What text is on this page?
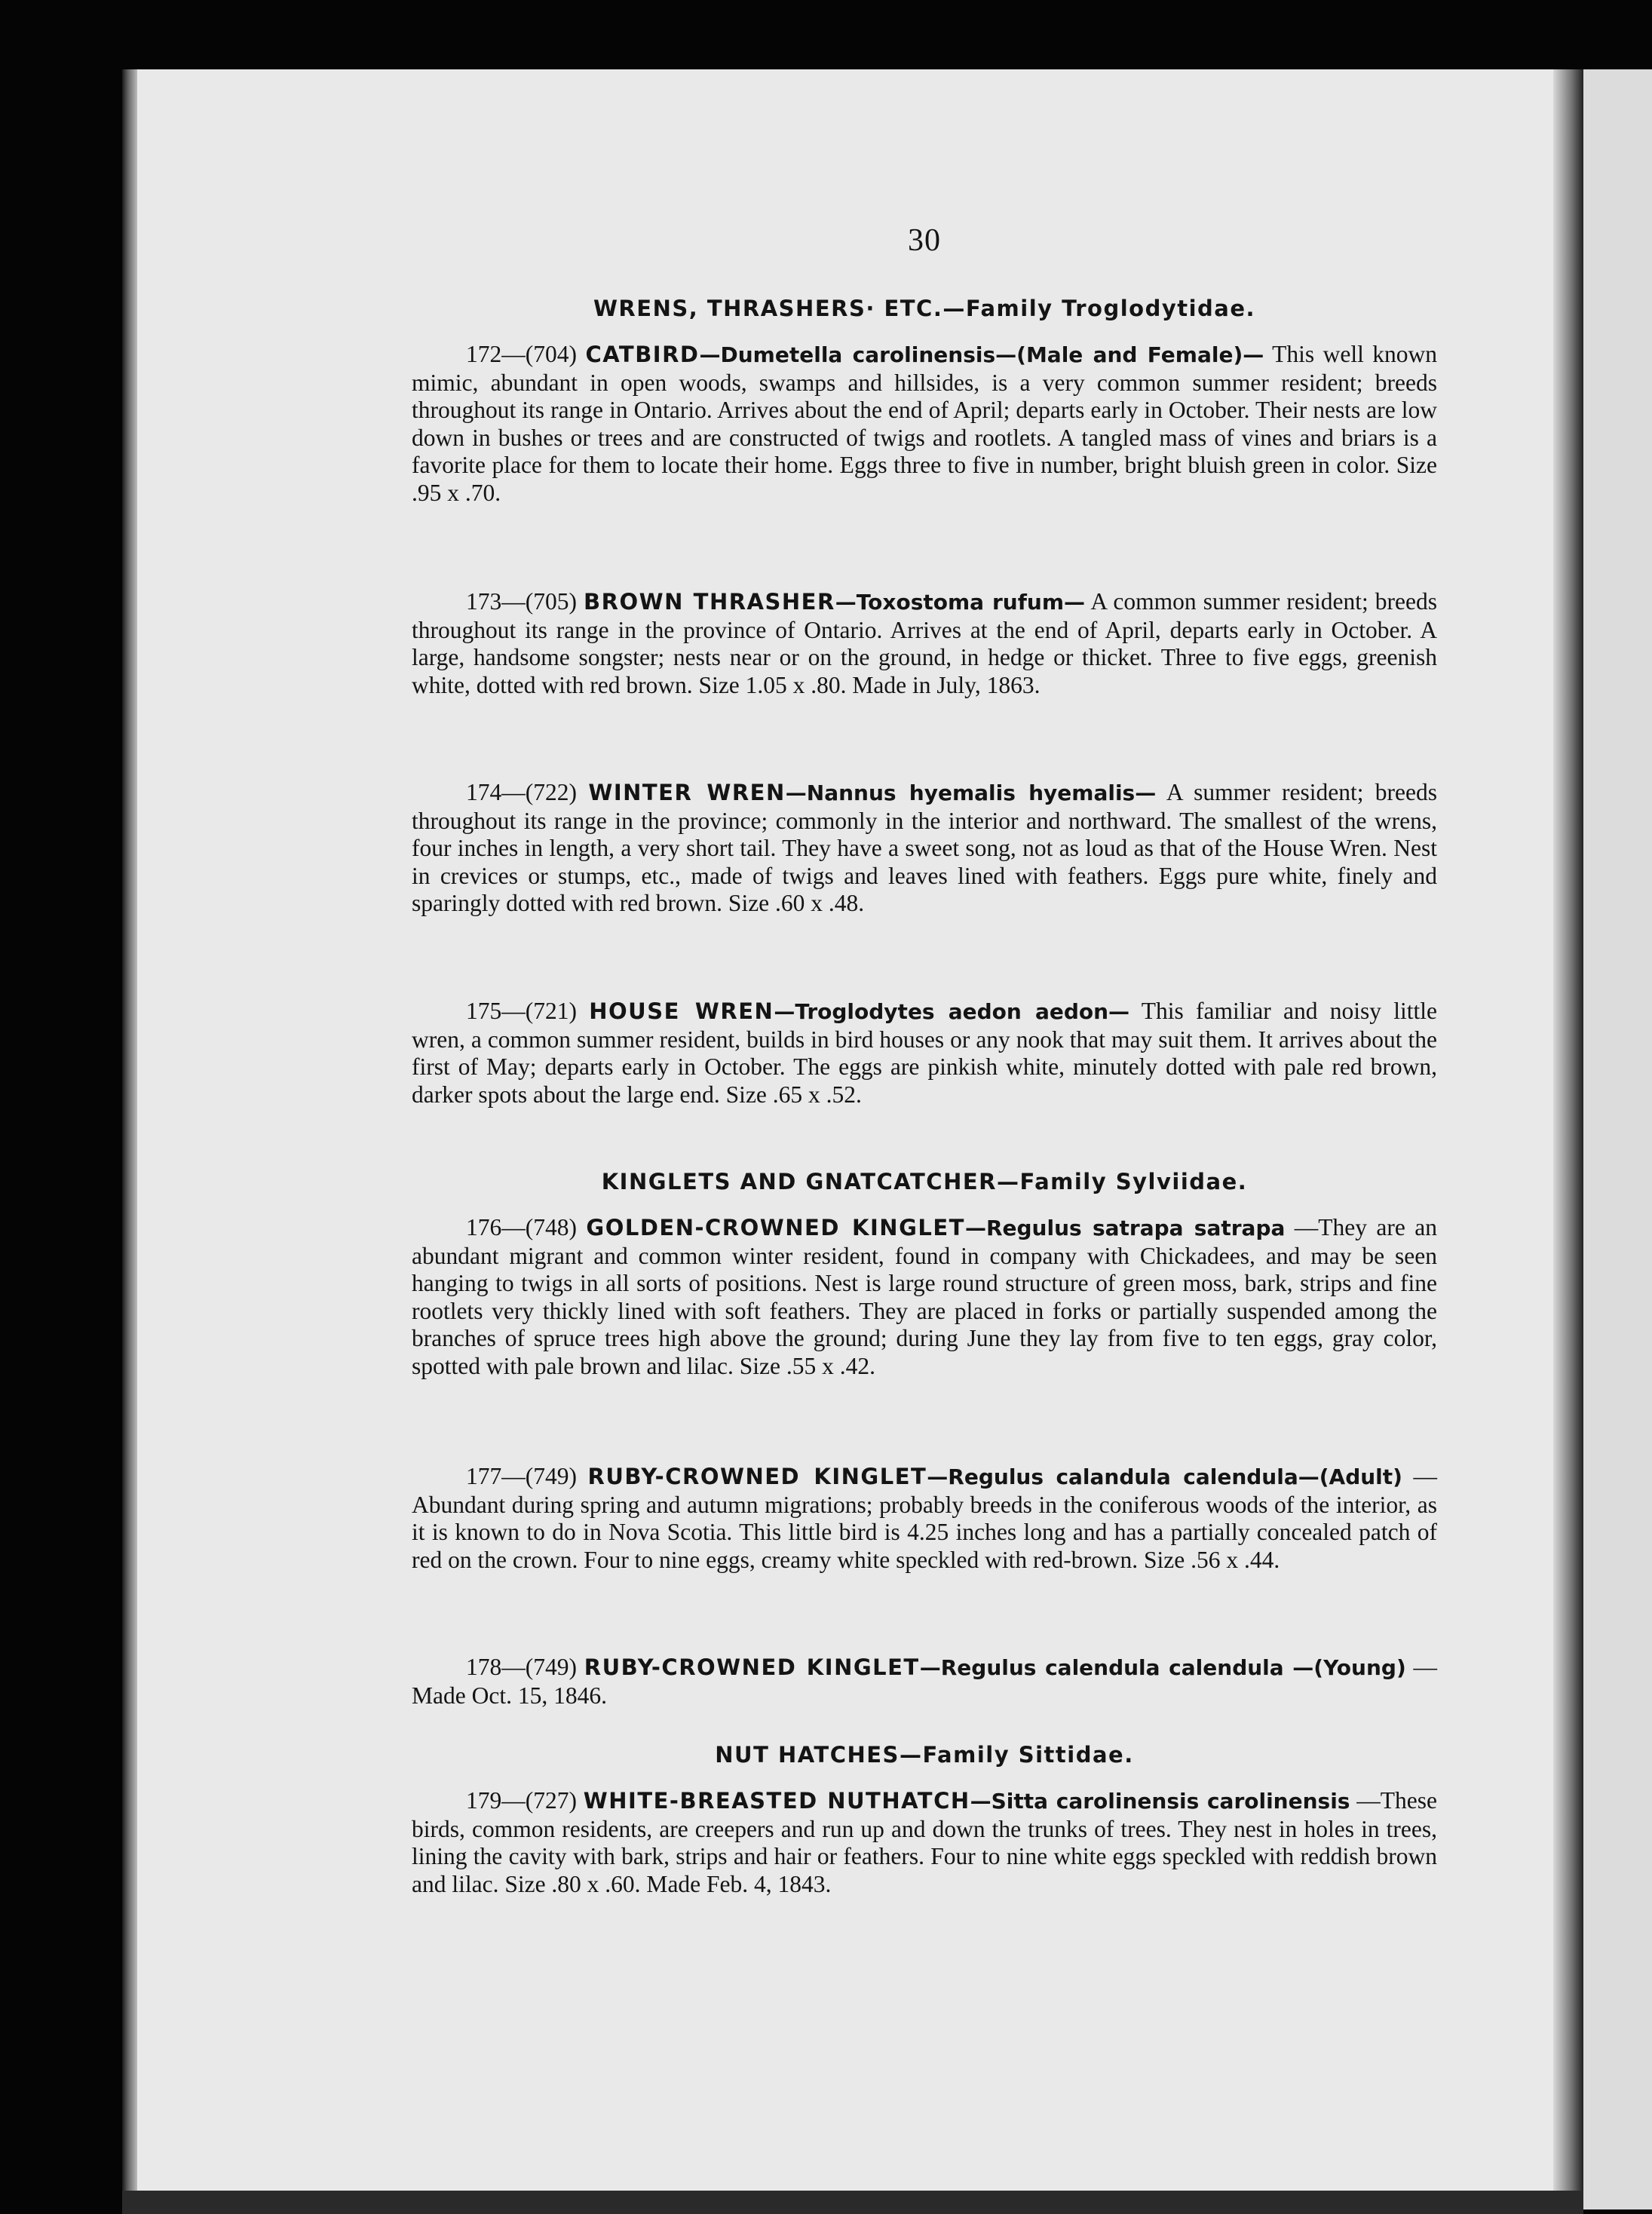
30
WRENS, THRASHERS· ETC.—Family Troglodytidae.
172—(704) CATBIRD—Dumetella carolinensis—(Male and Female)— This well known mimic, abundant in open woods, swamps and hillsides, is a very common summer resident; breeds throughout its range in Ontario. Arrives about the end of April; departs early in October. Their nests are low down in bushes or trees and are constructed of twigs and rootlets. A tangled mass of vines and briars is a favorite place for them to locate their home. Eggs three to five in number, bright bluish green in color. Size .95 x .70.
173—(705) BROWN THRASHER—Toxostoma rufum— A common summer resident; breeds throughout its range in the province of Ontario. Arrives at the end of April, departs early in October. A large, handsome songster; nests near or on the ground, in hedge or thicket. Three to five eggs, greenish white, dotted with red brown. Size 1.05 x .80. Made in July, 1863.
174—(722) WINTER WREN—Nannus hyemalis hyemalis— A summer resident; breeds throughout its range in the province; commonly in the interior and northward. The smallest of the wrens, four inches in length, a very short tail. They have a sweet song, not as loud as that of the House Wren. Nest in crevices or stumps, etc., made of twigs and leaves lined with feathers. Eggs pure white, finely and sparingly dotted with red brown. Size .60 x .48.
175—(721) HOUSE WREN—Troglodytes aedon aedon— This familiar and noisy little wren, a common summer resident, builds in bird houses or any nook that may suit them. It arrives about the first of May; departs early in October. The eggs are pinkish white, minutely dotted with pale red brown, darker spots about the large end. Size .65 x .52.
KINGLETS AND GNATCATCHER—Family Sylviidae.
176—(748) GOLDEN-CROWNED KINGLET—Regulus satrapa satrapa —They are an abundant migrant and common winter resident, found in company with Chickadees, and may be seen hanging to twigs in all sorts of positions. Nest is large round structure of green moss, bark, strips and fine rootlets very thickly lined with soft feathers. They are placed in forks or partially suspended among the branches of spruce trees high above the ground; during June they lay from five to ten eggs, gray color, spotted with pale brown and lilac. Size .55 x .42.
177—(749) RUBY-CROWNED KINGLET—Regulus calandula calendula—(Adult) —Abundant during spring and autumn migrations; probably breeds in the coniferous woods of the interior, as it is known to do in Nova Scotia. This little bird is 4.25 inches long and has a partially concealed patch of red on the crown. Four to nine eggs, creamy white speckled with red-brown. Size .56 x .44.
178—(749) RUBY-CROWNED KINGLET—Regulus calendula calendula —(Young) —Made Oct. 15, 1846.
NUT HATCHES—Family Sittidae.
179—(727) WHITE-BREASTED NUTHATCH—Sitta carolinensis carolinensis —These birds, common residents, are creepers and run up and down the trunks of trees. They nest in holes in trees, lining the cavity with bark, strips and hair or feathers. Four to nine white eggs speckled with reddish brown and lilac. Size .80 x .60. Made Feb. 4, 1843.
